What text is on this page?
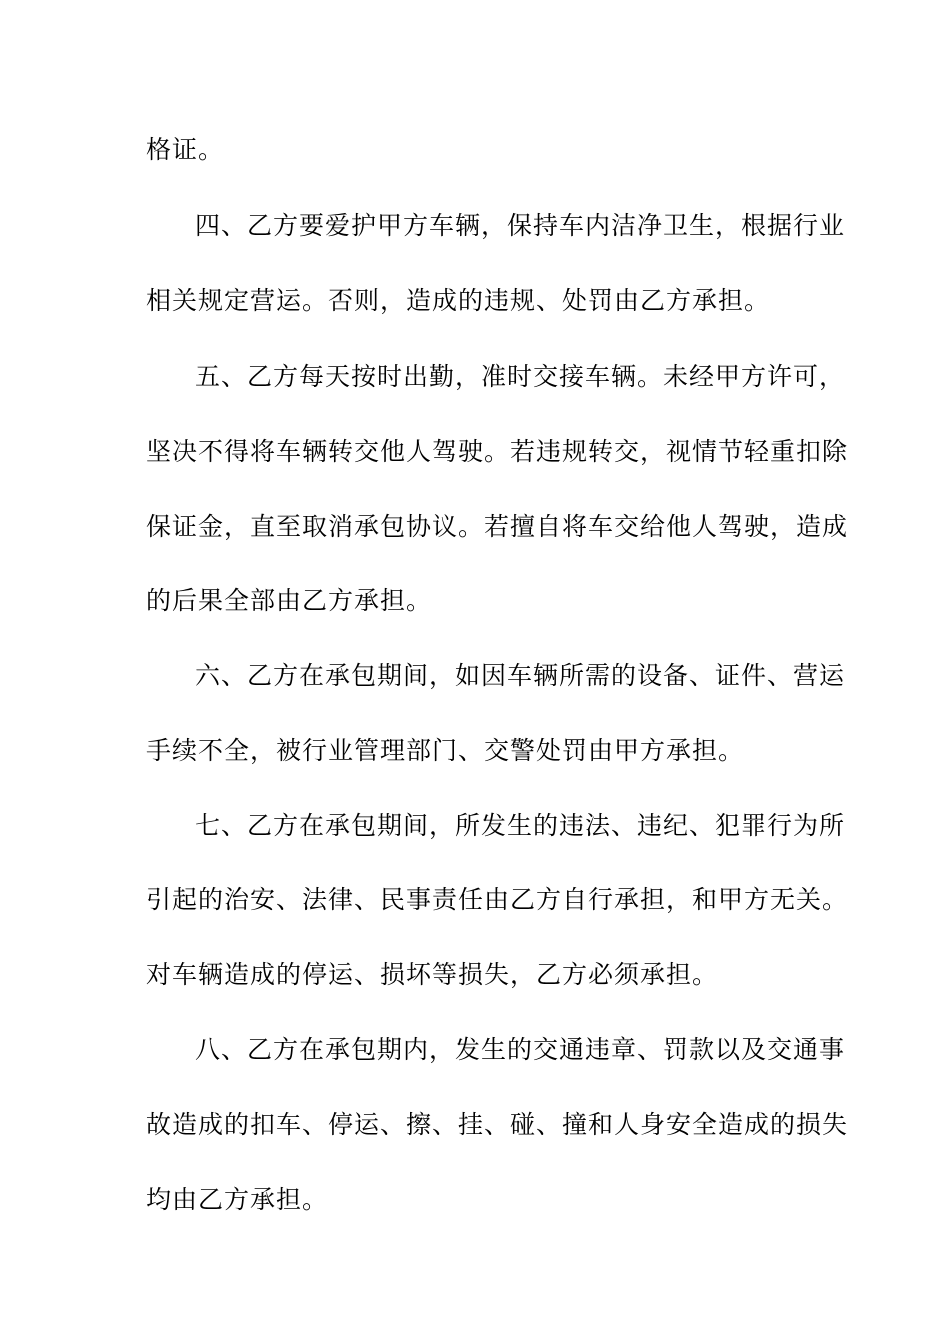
格证。
四、乙方要爱护甲方车辆，保持车内洁净卫生，根据行业
相关规定营运。否则，造成的违规、处罚由乙方承担。
五、乙方每天按时出勤，准时交接车辆。未经甲方许可，
坚决不得将车辆转交他人驾驶。若违规转交，视情节轻重扣除
保证金，直至取消承包协议。若擅自将车交给他人驾驶，造成
的后果全部由乙方承担。
六、乙方在承包期间，如因车辆所需的设备、证件、营运
手续不全，被行业管理部门、交警处罚由甲方承担。
七、乙方在承包期间，所发生的违法、违纪、犯罪行为所
引起的治安、法律、民事责任由乙方自行承担，和甲方无关。
对车辆造成的停运、损坏等损失，乙方必须承担。
八、乙方在承包期内，发生的交通违章、罚款以及交通事
故造成的扣车、停运、擦、挂、碰、撞和人身安全造成的损失
均由乙方承担。
